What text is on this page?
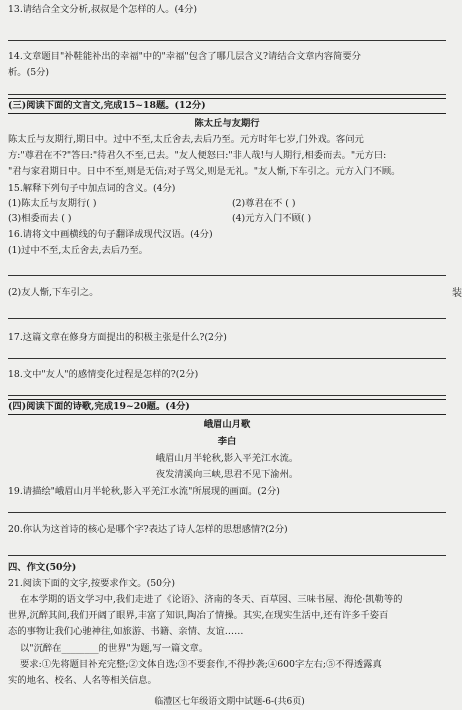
13.请结合全文分析,叔叔是个怎样的人。(4分)
14.文章题目"补鞋能补出的幸福"中的"幸福"包含了哪几层含义?请结合文章内容简要分
析。(5分)
(三)阅读下面的文言文,完成15~18题。(12分)
陈太丘与友期行
陈太丘与友期行,期日中。过中不至,太丘舍去,去后乃至。元方时年七岁,门外戏。客问元
方:"尊君在不?"答曰:"待君久不至,已去。"友人便怒曰:"非人哉!与人期行,相委而去。"元方曰:
"君与家君期日中。日中不至,则是无信;对子骂父,则是无礼。"友人惭,下车引之。元方入门不顾。
15.解释下列句子中加点词的含义。(4分)
(1)陈太丘与友期行( )	(2)尊君在不 ( )
(3)相委而去 ( )	(4)元方入门不顾( )
16.请将文中画横线的句子翻译成现代汉语。(4分)
(1)过中不至,太丘舍去,去后乃至。
(2)友人惭,下车引之。
17.这篇文章在修身方面提出的积极主张是什么?(2分)
18.文中"友人"的感情变化过程是怎样的?(2分)
(四)阅读下面的诗歌,完成19~20题。(4分)
峨眉山月歌
李白
峨眉山月半轮秋,影入平羌江水流。
夜发清溪向三峡,思君不见下渝州。
19.请描绘"峨眉山月半轮秋,影入平羌江水流"所展现的画面。(2分)
20.你认为这首诗的核心是哪个字?表达了诗人怎样的思想感情?(2分)
四、作文(50分)
21.阅读下面的文字,按要求作文。(50分)
在本学期的语文学习中,我们走进了《论语》、济南的冬天、百草园、三味书屋、海伦·凯勒等的
世界,沉醉其间,我们开阔了眼界,丰富了知识,陶冶了情操。其实,在现实生活中,还有许多千姿百
态的事物让我们心驰神往,如旅游、书籍、亲情、友谊……
以"沉醉在________的世界"为题,写一篇文章。
要求:①先将题目补充完整;②文体自选;③不要套作,不得抄袭;④600字左右;⑤不得透露真
实的地名、校名、人名等相关信息。
临澧区七年级语文期中试题-6-(共6页)
装
